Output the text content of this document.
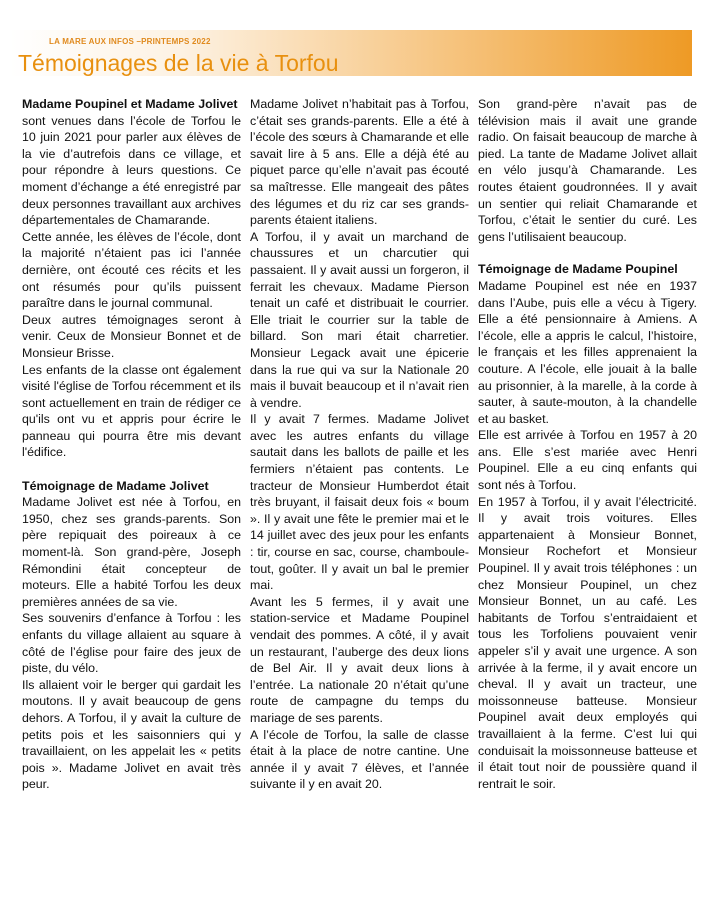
LA MARE AUX INFOS –PRINTEMPS 2022
Témoignages de la vie à Torfou
Madame Poupinel et Madame Jolivet

sont venues dans l’école de Torfou le 10 juin 2021 pour parler aux élèves de la vie d’autrefois dans ce village, et pour répondre à leurs questions. Ce moment d’échange a été enregistré par deux personnes travaillant aux archives départementales de Chamarande.

Cette année, les élèves de l’école, dont la majorité n’étaient pas ici l’année dernière, ont écouté ces récits et les ont résumés pour qu’ils puissent paraître dans le journal communal.

Deux autres témoignages seront à venir. Ceux de Monsieur Bonnet et de Monsieur Brisse.

Les enfants de la classe ont également visité l'église de Torfou récemment et ils sont actuellement en train de rédiger ce qu'ils ont vu et appris pour écrire le panneau qui pourra être mis devant l'édifice.

Témoignage de Madame Jolivet

Madame Jolivet est née à Torfou, en 1950, chez ses grands-parents. Son père repiquait des poireaux à ce moment-là. Son grand-père, Joseph Rémondini était concepteur de moteurs. Elle a habité Torfou les deux premières années de sa vie.

Ses souvenirs d’enfance à Torfou : les enfants du village allaient au square à côté de l’église pour faire des jeux de piste, du vélo.

Ils allaient voir le berger qui gardait les moutons. Il y avait beaucoup de gens dehors. A Torfou, il y avait la culture de petits pois et les saisonniers qui y travaillaient, on les appelait les « petits pois ». Madame Jolivet en avait très peur.

Madame Jolivet n’habitait pas à Torfou, c’était ses grands-parents. Elle a été à l’école des sœurs à Chamarande et elle savait lire à 5 ans. Elle a déjà été au piquet parce qu’elle n’avait pas écouté sa maîtresse. Elle mangeait des pâtes des légumes et du riz car ses grands-parents étaient italiens.

A Torfou, il y avait un marchand de chaussures et un charcutier qui passaient. Il y avait aussi un forgeron, il ferrait les chevaux. Madame Pierson tenait un café et distribuait le courrier. Elle triait le courrier sur la table de billard. Son mari était charretier. Monsieur Legack avait une épicerie dans la rue qui va sur la Nationale 20 mais il buvait beaucoup et il n’avait rien à vendre.

Il y avait 7 fermes. Madame Jolivet avec les autres enfants du village sautait dans les ballots de paille et les fermiers n’étaient pas contents. Le tracteur de Monsieur Humberdot était très bruyant, il faisait deux fois « boum ». Il y avait une fête le premier mai et le 14 juillet avec des jeux pour les enfants : tir, course en sac, course, chamboule-tout, goûter. Il y avait un bal le premier mai.

Avant les 5 fermes, il y avait une station-service et Madame Poupinel vendait des pommes. A côté, il y avait un restaurant, l’auberge des deux lions de Bel Air. Il y avait deux lions à l’entrée. La nationale 20 n’était qu’une route de campagne du temps du mariage de ses parents.

A l’école de Torfou, la salle de classe était à la place de notre cantine. Une année il y avait 7 élèves, et l’année suivante il y en avait 20.

Son grand-père n’avait pas de télévision mais il avait une grande radio. On faisait beaucoup de marche à pied. La tante de Madame Jolivet allait en vélo jusqu’à Chamarande. Les routes étaient goudronnées. Il y avait un sentier qui reliait Chamarande et Torfou, c’était le sentier du curé. Les gens l’utilisaient beaucoup.

Témoignage de Madame Poupinel

Madame Poupinel est née en 1937 dans l’Aube, puis elle a vécu à Tigery. Elle a été pensionnaire à Amiens. A l’école, elle a appris le calcul, l’histoire, le français et les filles apprenaient la couture. A l’école, elle jouait à la balle au prisonnier, à la marelle, à la corde à sauter, à saute-mouton, à la chandelle et au basket.

Elle est arrivée à Torfou en 1957 à 20 ans. Elle s’est mariée avec Henri Poupinel. Elle a eu cinq enfants qui sont nés à Torfou.

En 1957 à Torfou, il y avait l’électricité. Il y avait trois voitures. Elles appartenaient à Monsieur Bonnet, Monsieur Rochefort et Monsieur Poupinel. Il y avait trois téléphones : un chez Monsieur Poupinel, un chez Monsieur Bonnet, un au café. Les habitants de Torfou s’entraidaient et tous les Torfoliens pouvaient venir appeler s’il y avait une urgence. A son arrivée à la ferme, il y avait encore un cheval. Il y avait un tracteur, une moissonneuse batteuse. Monsieur Poupinel avait deux employés qui travaillaient à la ferme. C’est lui qui conduisait la moissonneuse batteuse et il était tout noir de poussière quand il rentrait le soir.
